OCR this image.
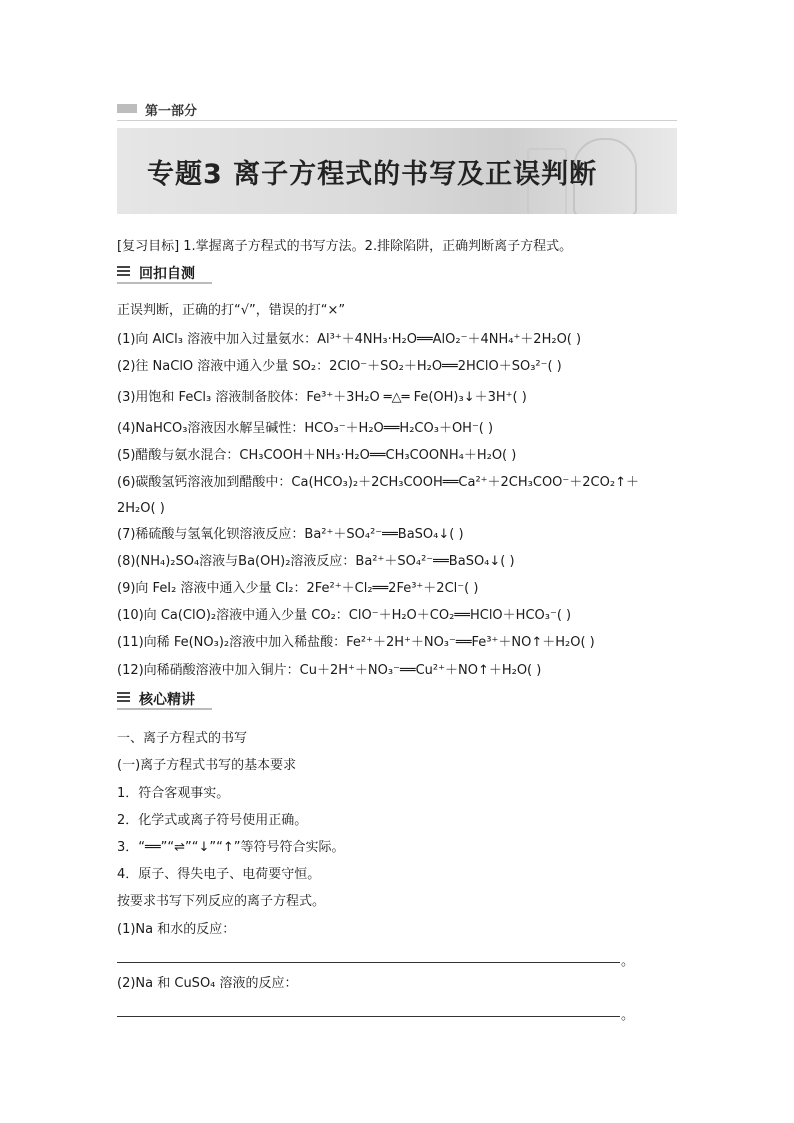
第一部分
专题3 离子方程式的书写及正误判断
[复习目标] 1.掌握离子方程式的书写方法。2.排除陷阱，正确判断离子方程式。
回扣自测
正误判断，正确的打“√”，错误的打“×”
(1)向 AlCl₃ 溶液中加入过量氨水：Al³⁺＋4NH₃·H₂O══AlO₂⁻＋4NH₄⁺＋2H₂O( )
(2)往 NaClO 溶液中通入少量 SO₂：2ClO⁻＋SO₂＋H₂O══2HClO＋SO₃²⁻( )
(3)用饱和 FeCl₃ 溶液制备胶体：Fe³⁺＋3H₂O ═△═ Fe(OH)₃↓＋3H⁺( )
(4)NaHCO₃溶液因水解呈碱性：HCO₃⁻＋H₂O══H₂CO₃＋OH⁻( )
(5)醋酸与氨水混合：CH₃COOH＋NH₃·H₂O══CH₃COONH₄＋H₂O( )
(6)碳酸氢钙溶液加到醋酸中：Ca(HCO₃)₂＋2CH₃COOH══Ca²⁺＋2CH₃COO⁻＋2CO₂↑＋
2H₂O( )
(7)稀硫酸与氢氧化钡溶液反应：Ba²⁺＋SO₄²⁻══BaSO₄↓( )
(8)(NH₄)₂SO₄溶液与Ba(OH)₂溶液反应：Ba²⁺＋SO₄²⁻══BaSO₄↓( )
(9)向 FeI₂ 溶液中通入少量 Cl₂：2Fe²⁺＋Cl₂══2Fe³⁺＋2Cl⁻( )
(10)向 Ca(ClO)₂溶液中通入少量 CO₂：ClO⁻＋H₂O＋CO₂══HClO＋HCO₃⁻( )
(11)向稀 Fe(NO₃)₂溶液中加入稀盐酸：Fe²⁺＋2H⁺＋NO₃⁻══Fe³⁺＋NO↑＋H₂O( )
(12)向稀硝酸溶液中加入铜片：Cu＋2H⁺＋NO₃⁻══Cu²⁺＋NO↑＋H₂O( )
核心精讲
一、离子方程式的书写
(一)离子方程式书写的基本要求
1．符合客观事实。
2．化学式或离子符号使用正确。
3．“══”“⇌”“↓”“↑”等符号符合实际。
4．原子、得失电子、电荷要守恒。
按要求书写下列反应的离子方程式。
(1)Na 和水的反应：
。
(2)Na 和 CuSO₄ 溶液的反应：
。
